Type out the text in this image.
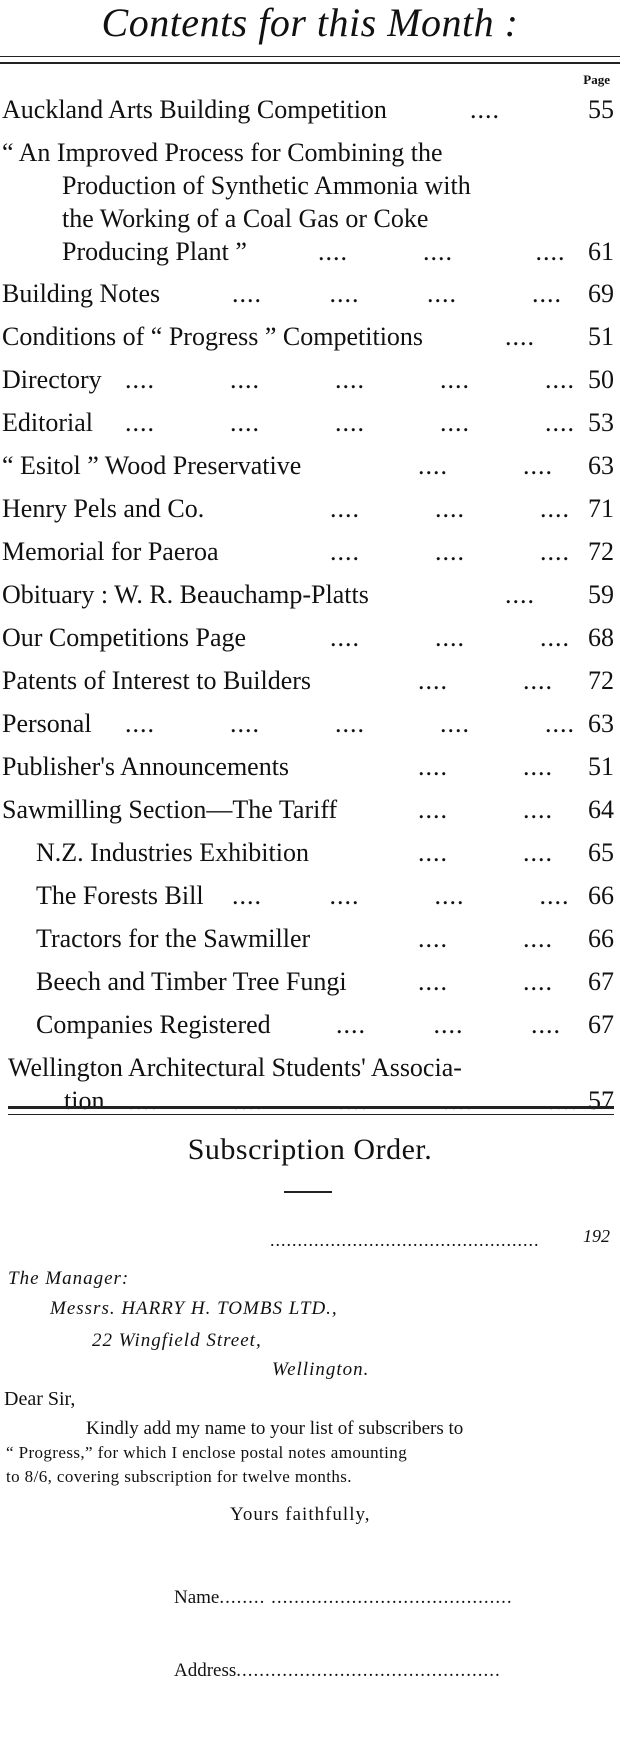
Contents for this Month :
Page
Auckland Arts Building Competition	....	55
“ An Improved Process for Combining the
Production of Synthetic Ammonia with
the Working of a Coal Gas or Coke
Producing Plant ”	....          ....           .... 61
Building Notes	....         ....         ....          .... 69
Conditions of “ Progress ” Competitions	.... 51
Directory ....          ....          ....          ....          .... 50
Editorial ....          ....          ....          ....          .... 53
“ Esitol ” Wood Preservative	....          .... 63
Henry Pels and Co.	....          ....          .... 71
Memorial for Paeroa	....          ....          .... 72
Obituary : W. R. Beauchamp-Platts	.... 59
Our Competitions Page	....          ....          .... 68
Patents of Interest to Builders	....          .... 72
Personal ....          ....          ....          ....          .... 63
Publisher's Announcements	....          .... 51
Sawmilling Section—The Tariff	....          .... 64
N.Z. Industries Exhibition	....          .... 65
The Forests Bill ....         ....          ....          .... 66
Tractors for the Sawmiller	....          .... 66
Beech and Timber Tree Fungi	....          .... 67
Companies Registered	....         ....         .... 67
Wellington Architectural Students' Associa-
tion ....          ....          ....          ....          .... 57
Subscription Order.
................................................. 192
The Manager:
Messrs. HARRY H. TOMBS LTD.,
22 Wingfield Street,
Wellington.
Dear Sir,
Kindly add my name to your list of subscribers to
“ Progress,” for which I enclose postal notes amounting
to 8/6, covering subscription for twelve months.
Yours faithfully,
Name........ ..........................................
Address..............................................
